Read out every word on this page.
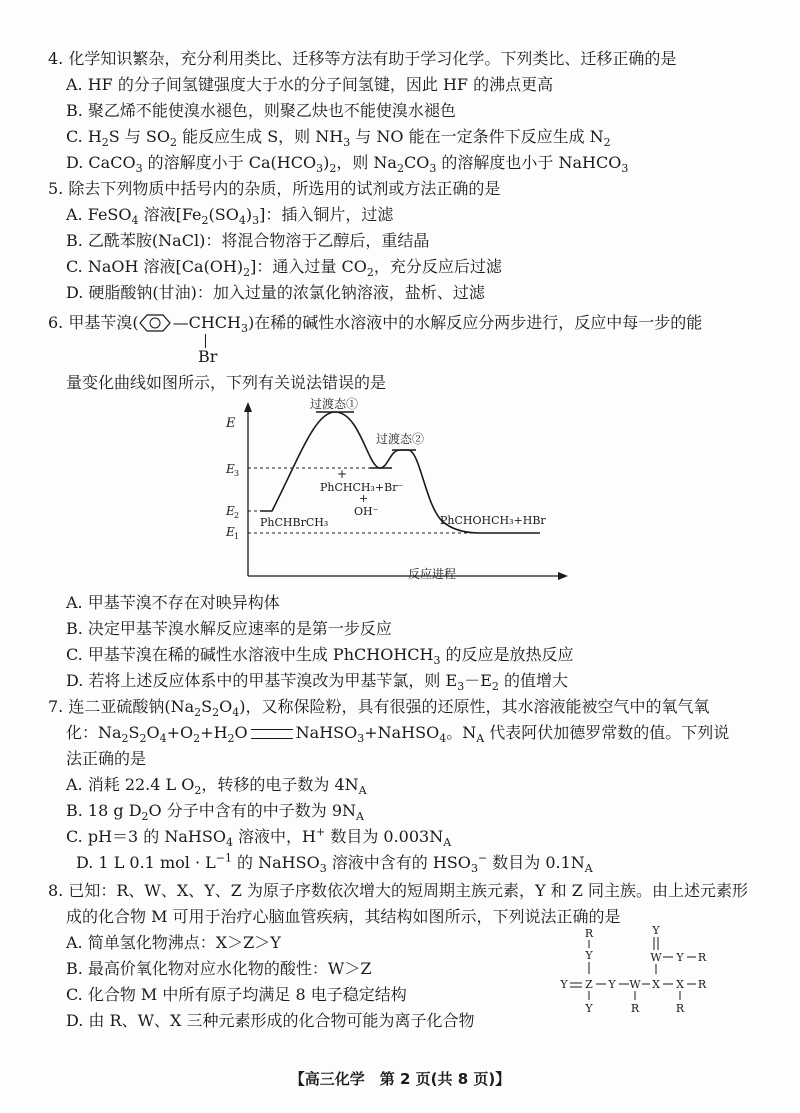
4. 化学知识繁杂，充分利用类比、迁移等方法有助于学习化学。下列类比、迁移正确的是
A. HF 的分子间氢键强度大于水的分子间氢键，因此 HF 的沸点更高
B. 聚乙烯不能使溴水褪色，则聚乙炔也不能使溴水褪色
C. $H_2S$ 与 $SO_2$ 能反应生成 S，则 $NH_3$ 与 NO 能在一定条件下反应生成 $N_2$
D. CaCO$_3$ 的溶解度小于 $Ca(HCO_3)_2$，则 $Na_2CO_3$ 的溶解度也小于 NaHCO$_3$
5. 除去下列物质中括号内的杂质，所选用的试剂或方法正确的是
A. FeSO$_4$ 溶液$[Fe_2(SO_4)_3]$：插入铜片，过滤
B. 乙酰苯胺(NaCl)：将混合物溶于乙醇后，重结晶
C. NaOH 溶液$[Ca(OH)_2]$：通入过量 $CO_2$，充分反应后过滤
D. 硬脂酸钠(甘油)：加入过量的浓氯化钠溶液，盐析、过滤
6. 甲基苄溴( $—CHCH_3$)在稀的碱性水溶液中的水解反应分两步进行，反应中每一步的能
Br
量变化曲线如图所示，下列有关说法错误的是
E
E 3
E 2
E 1
过渡态①
过渡态②
PhCHBrCH₃
+
PhCHCH₃+Br⁻
+
OH⁻
PhCHOHCH₃+HBr
反应进程
A. 甲基苄溴不存在对映异构体
B. 决定甲基苄溴水解反应速率的是第一步反应
C. 甲基苄溴在稀的碱性水溶液中生成 PhCHOHCH$_3$ 的反应是放热反应
D. 若将上述反应体系中的甲基苄溴改为甲基苄氯，则 $E_3-E_2$ 的值增大
7. 连二亚硫酸钠$(Na_2S_2O_4)$，又称保险粉，具有很强的还原性，其水溶液能被空气中的氧气氧
化：$Na_2S_2O_4+O_2+H_2O$	NaHSO$_3$+NaHSO$_4$。$N_A$ 代表阿伏加德罗常数的值。下列说
法正确的是
A. 消耗 22.4 L $O_2$，转移的电子数为 $4N_A$
B. 18 g $D_2O$ 分子中含有的中子数为 $9N_A$
C. pH＝3 的 NaHSO$_4$ 溶液中，H+ 数目为 $0.003N_A$
D. 1 L 0.1 mol · $L^{-1}$ 的 NaHSO$_3$ 溶液中含有的 $HSO_3^-$ 数目为 $0.1N_A$
8. 已知：R、W、X、Y、Z 为原子序数依次增大的短周期主族元素，Y 和 Z 同主族。由上述元素形
成的化合物 M 可用于治疗心脑血管疾病，其结构如图所示，下列说法正确的是
A. 简单氢化物沸点：X＞Z＞Y
B. 最高价氧化物对应水化物的酸性：W＞Z
C. 化合物 M 中所有原子均满足 8 电子稳定结构
D. 由 R、W、X 三种元素形成的化合物可能为离子化合物
R
Y
Y
W Y R
Y Z Y W X X R
Y	R	R
【高三化学　第 2 页(共 8 页)】
